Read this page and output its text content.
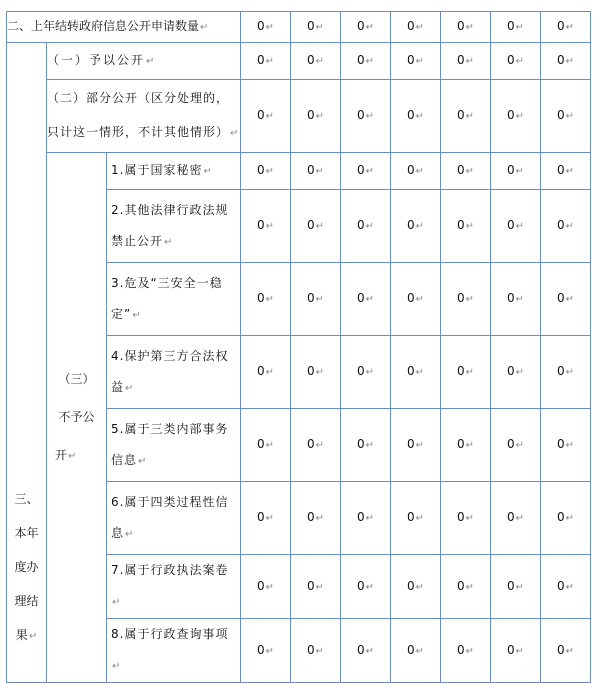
二、上年结转政府信息公开申请数量↵			0↵	0↵	0↵	0↵	0↵	0↵	0↵

三、
本年
度办
理结
果↵	（一）予以公开↵		0↵	0↵	0↵	0↵	0↵	0↵	0↵

	（二）部分公开（区分处理的，
只计这一情形，不计其他情形）↵		0↵	0↵	0↵	0↵	0↵	0↵	0↵

	（三）
不予公
开↵	1.属于国家秘密↵	0↵	0↵	0↵	0↵	0↵	0↵	0↵

		2.其他法律行政法规
禁止公开↵	0↵	0↵	0↵	0↵	0↵	0↵	0↵

		3.危及“三安全一稳
定”↵	0↵	0↵	0↵	0↵	0↵	0↵	0↵

		4.保护第三方合法权
益↵	0↵	0↵	0↵	0↵	0↵	0↵	0↵

		5.属于三类内部事务
信息↵	0↵	0↵	0↵	0↵	0↵	0↵	0↵

		6.属于四类过程性信
息↵	0↵	0↵	0↵	0↵	0↵	0↵	0↵

		7.属于行政执法案卷↵	0↵	0↵	0↵	0↵	0↵	0↵	0↵

		8.属于行政查询事项↵	0↵	0↵	0↵	0↵	0↵	0↵	0↵
